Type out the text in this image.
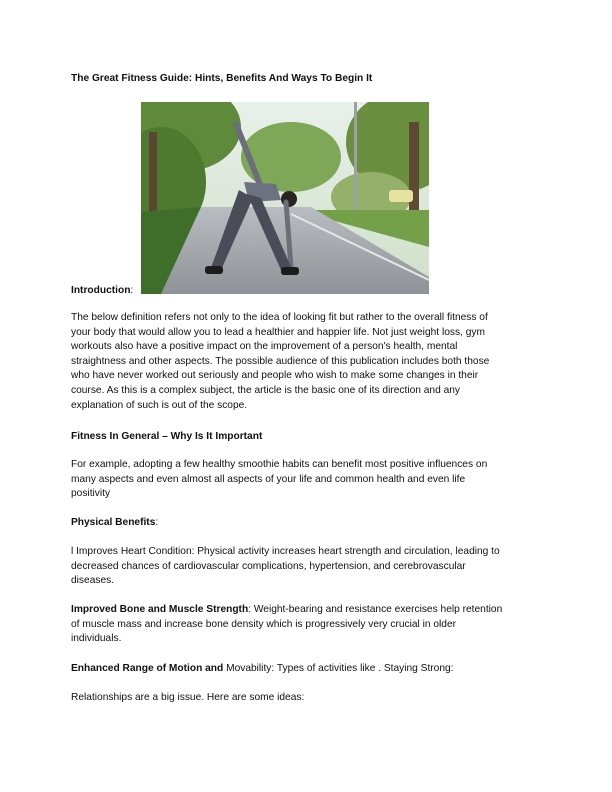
The Great Fitness Guide: Hints, Benefits And Ways To Begin It
Introduction:
The below definition refers not only to the idea of looking fit but rather to the overall fitness of
your body that would allow you to lead a healthier and happier life. Not just weight loss, gym
workouts also have a positive impact on the improvement of a person's health, mental
straightness and other aspects. The possible audience of this publication includes both those
who have never worked out seriously and people who wish to make some changes in their
course. As this is a complex subject, the article is the basic one of its direction and any
explanation of such is out of the scope.
Fitness In General – Why Is It Important
For example, adopting a few healthy smoothie habits can benefit most positive influences on
many aspects and even almost all aspects of your life and common health and even life
positivity
Physical Benefits:
l Improves Heart Condition: Physical activity increases heart strength and circulation, leading to
decreased chances of cardiovascular complications, hypertension, and cerebrovascular
diseases.
Improved Bone and Muscle Strength: Weight-bearing and resistance exercises help retention
of muscle mass and increase bone density which is progressively very crucial in older
individuals.
Enhanced Range of Motion and Movability: Types of activities like . Staying Strong:
Relationships are a big issue. Here are some ideas:
